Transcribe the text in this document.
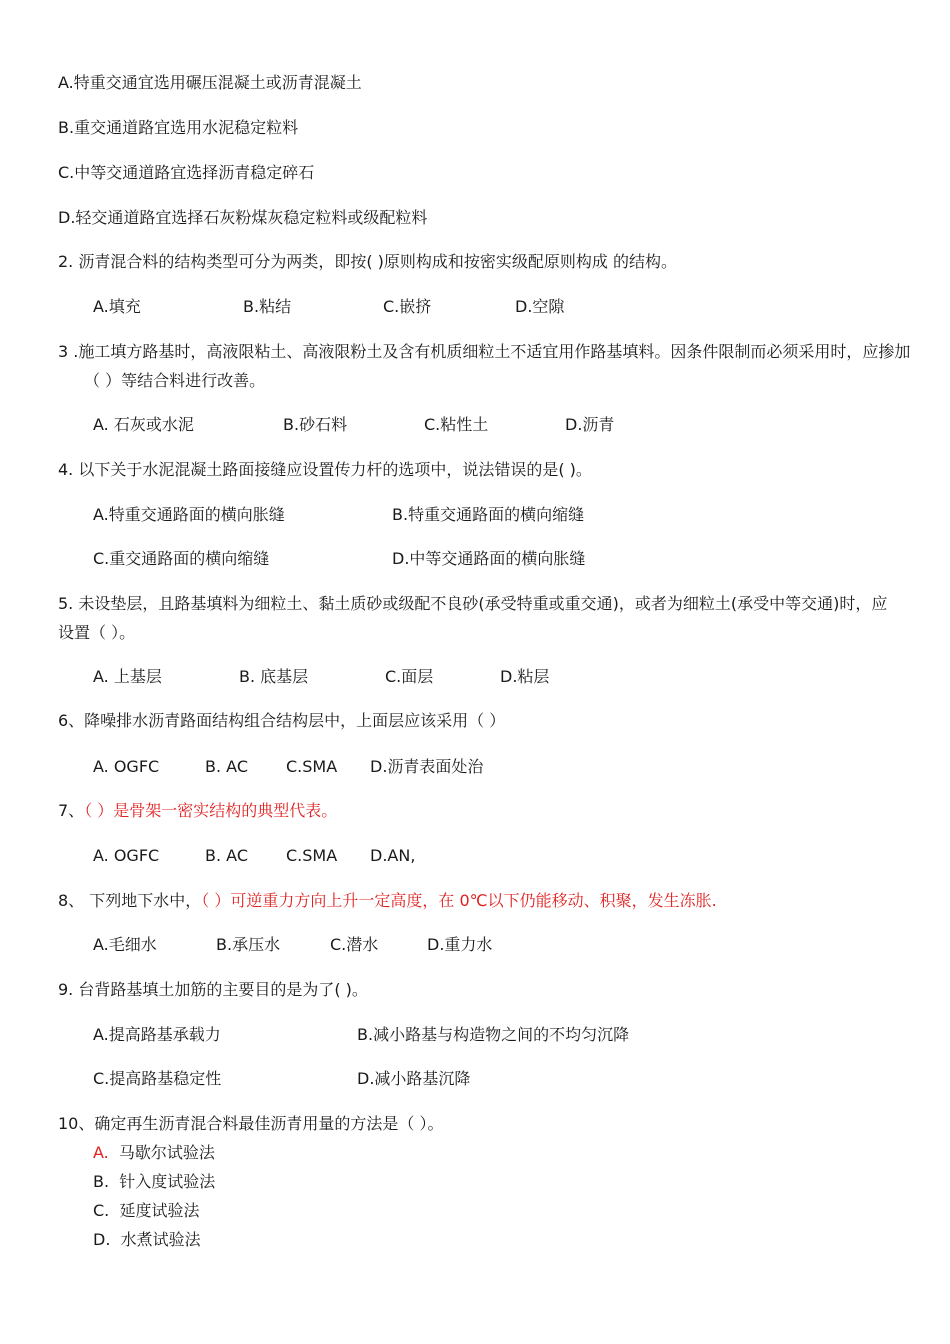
A.特重交通宜选用碾压混凝土或沥青混凝土
B.重交通道路宜选用水泥稳定粒料
C.中等交通道路宜选择沥青稳定碎石
D.轻交通道路宜选择石灰粉煤灰稳定粒料或级配粒料
2. 沥青混合料的结构类型可分为两类，即按( )原则构成和按密实级配原则构成 的结构。
A.填充	B.粘结	C.嵌挤	D.空隙
3 .施工填方路基时，高液限粘土、高液限粉土及含有机质细粒土不适宜用作路基填料。因条件限制而必须采用时，应掺加（ ）等结合料进行改善。
A. 石灰或水泥	B.砂石料	C.粘性土	D.沥青
4. 以下关于水泥混凝土路面接缝应设置传力杆的选项中，说法错误的是( )。
A.特重交通路面的横向胀缝	B.特重交通路面的横向缩缝
C.重交通路面的横向缩缝	D.中等交通路面的横向胀缝
5. 未设垫层，且路基填料为细粒土、黏土质砂或级配不良砂(承受特重或重交通)，或者为细粒土(承受中等交通)时，应设置（ ）。
A. 上基层	B. 底基层	C.面层	D.粘层
6、降噪排水沥青路面结构组合结构层中，上面层应该采用（ ）
A. OGFC	B. AC C.SMA D.沥青表面处治
7、（ ）是骨架一密实结构的典型代表。
A. OGFC	B. AC C.SMA D.AN,
8、 下列地下水中，（ ）可逆重力方向上升一定高度，在 0℃以下仍能移动、积聚，发生冻胀.
A.毛细水	B.承压水	C.潜水	D.重力水
9. 台背路基填土加筋的主要目的是为了( )。
A.提高路基承载力	B.减小路基与构造物之间的不均匀沉降
C.提高路基稳定性	D.减小路基沉降
10、确定再生沥青混合料最佳沥青用量的方法是（ ）。
A. 马歇尔试验法
B. 针入度试验法
C. 延度试验法
D. 水煮试验法
